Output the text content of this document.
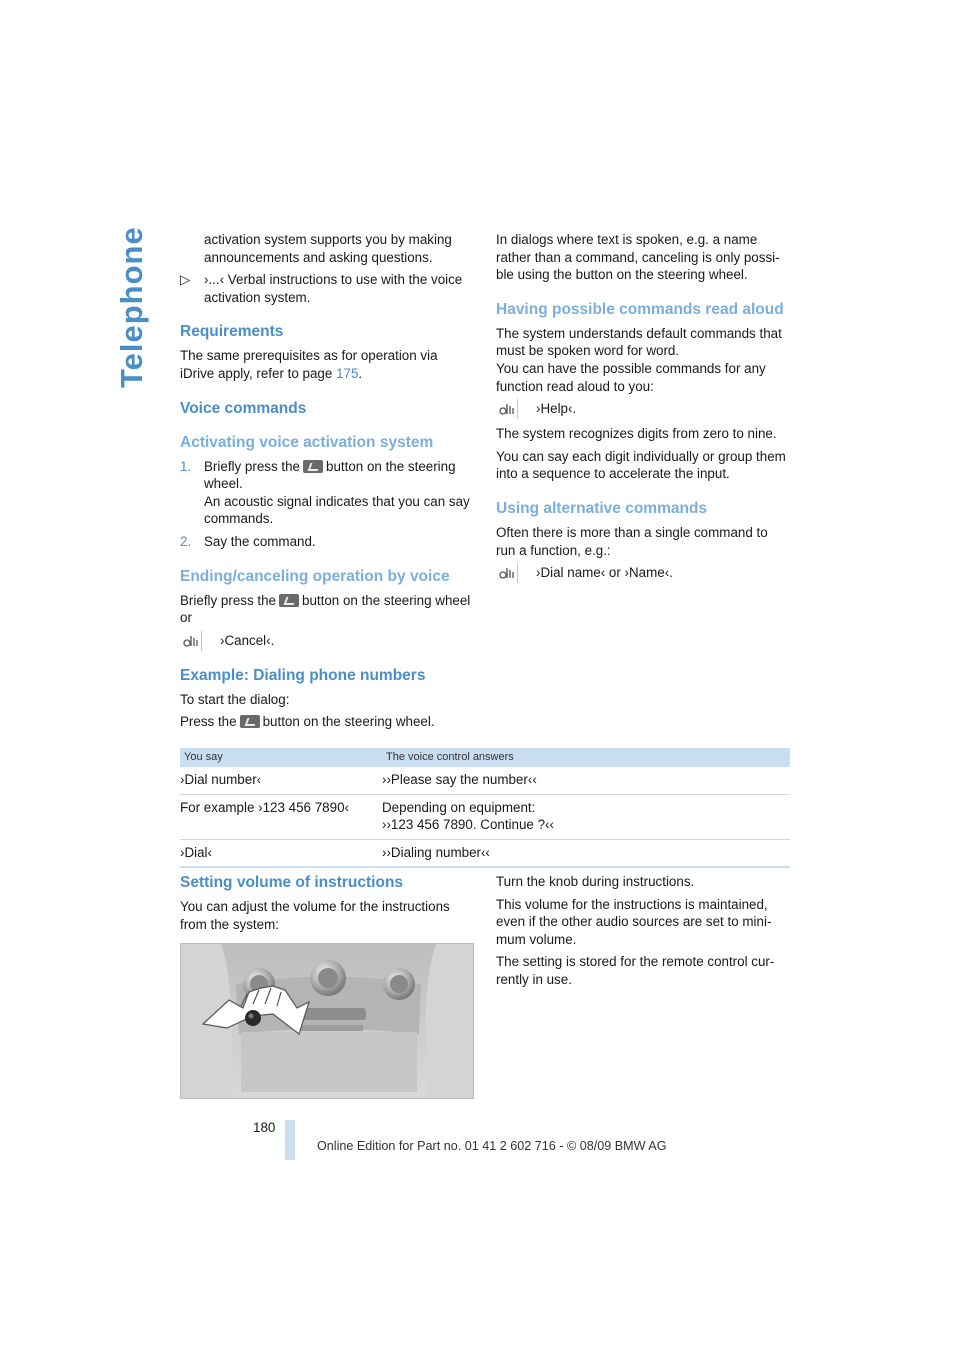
Telephone	activation system supports you by making announcements and asking questions.

▷	›...‹ Verbal instructions to use with the voice activation system.
Requirements

The same prerequisites as for operation via iDrive apply, refer to page 175.

Voice commands
Activating voice activation system
1. Briefly press the button on the steering wheel.
An acoustic signal indicates that you can say commands.
2. Say the command.
Ending/canceling operation by voice

Briefly press the button on the steering wheel or

›Cancel‹.
Example: Dialing phone numbers

To start the dialog:

Press the button on the steering wheel.

In dialogs where text is spoken, e.g. a name rather than a command, canceling is only possi-ble using the button on the steering wheel.

Having possible commands read aloud

The system understands default commands that must be spoken word for word.

You can have the possible commands for any function read aloud to you:

›Help‹.

The system recognizes digits from zero to nine.

You can say each digit individually or group them into a sequence to accelerate the input.

Using alternative commands

Often there is more than a single command to run a function, e.g.:

›Dial name‹ or ›Name‹.
You say	The voice control answers
›Dial number‹	››Please say the number‹‹
For example ›123 456 7890‹	Depending on equipment:
››123 456 7890. Continue ?‹‹
›Dial‹	››Dialing number‹‹
Setting volume of instructions

You can adjust the volume for the instructions from the system:

Turn the knob during instructions.

This volume for the instructions is maintained, even if the other audio sources are set to mini-mum volume.

The setting is stored for the remote control cur-rently in use.

180
Online Edition for Part no. 01 41 2 602 716 - © 08/09 BMW AG
